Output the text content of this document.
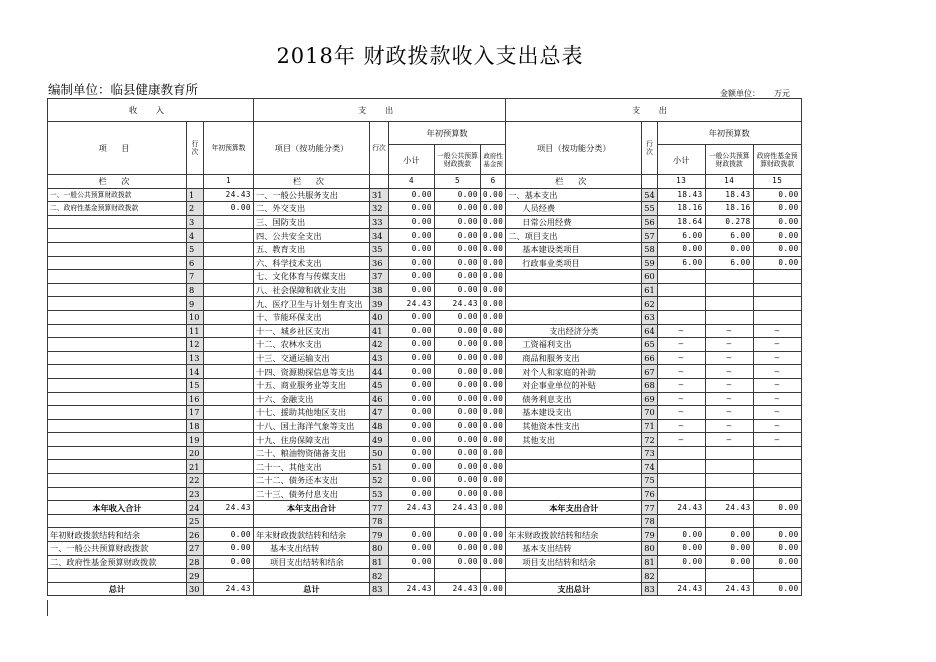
2018年 财政拨款收入支出总表
编制单位：临县健康教育所	金额单位： 万元
收 入			支 出					支 出				
项 目	行次	年初预算数	项目（按功能分类）	行次	年初预算数			项目（按功能分类）	行次	年初预算数		
					小计	一般公共预算财政拨款	政府性基金预			小计	一般公共预算财政拨款	政府性基金预算财政拨款
栏 次		1	栏 次		4	5	6	栏 次		13	14	15
一、一般公共预算财政拨款	1	24.43	一、一般公共服务支出	31	0.00	0.00	0.00	一、基本支出	54	18.43	18.43	0.00
二、政府性基金预算财政拨款	2	0.00	二、外交支出	32	0.00	0.00	0.00	人员经费	55	18.16	18.16	0.00
	3		三、国防支出	33	0.00	0.00	0.00	日常公用经费	56	18.64	0.278	0.00
	4		四、公共安全支出	34	0.00	0.00	0.00	二、项目支出	57	6.00	6.00	0.00
	5		五、教育支出	35	0.00	0.00	0.00	基本建设类项目	58	0.00	0.00	0.00
	6		六、科学技术支出	36	0.00	0.00	0.00	行政事业类项目	59	6.00	6.00	0.00
	7		七、文化体育与传媒支出	37	0.00	0.00	0.00		60			
	8		八、社会保障和就业支出	38	0.00	0.00	0.00		61			
	9		九、医疗卫生与计划生育支出	39	24.43	24.43	0.00		62			
	10		十、节能环保支出	40	0.00	0.00	0.00		63			
	11		十一、城乡社区支出	41	0.00	0.00	0.00	支出经济分类	64	—	—	—
	12		十二、农林水支出	42	0.00	0.00	0.00	工资福利支出	65	—	—	—
	13		十三、交通运输支出	43	0.00	0.00	0.00	商品和服务支出	66	—	—	—
	14		十四、资源勘探信息等支出	44	0.00	0.00	0.00	对个人和家庭的补助	67	—	—	—
	15		十五、商业服务业等支出	45	0.00	0.00	0.00	对企事业单位的补贴	68	—	—	—
	16		十六、金融支出	46	0.00	0.00	0.00	债务利息支出	69	—	—	—
	17		十七、援助其他地区支出	47	0.00	0.00	0.00	基本建设支出	70	—	—	—
	18		十八、国土海洋气象等支出	48	0.00	0.00	0.00	其他资本性支出	71	—	—	—
	19		十九、住房保障支出	49	0.00	0.00	0.00	其他支出	72	—	—	—
	20		二十、粮油物资储备支出	50	0.00	0.00	0.00		73			
	21		二十一、其他支出	51	0.00	0.00	0.00		74			
	22		二十二、债务还本支出	52	0.00	0.00	0.00		75			
	23		二十三、债务付息支出	53	0.00	0.00	0.00		76			
本年收入合计	24	24.43	本年支出合计	77	24.43	24.43	0.00	本年支出合计	77	24.43	24.43	0.00
	25			78					78			
年初财政拨款结转和结余	26	0.00	年末财政拨款结转和结余	79	0.00	0.00	0.00	年末财政拨款结转和结余	79	0.00	0.00	0.00
一、一般公共预算财政拨款	27	0.00	基本支出结转	80	0.00	0.00	0.00	基本支出结转	80	0.00	0.00	0.00
二、政府性基金预算财政拨款	28	0.00	项目支出结转和结余	81	0.00	0.00	0.00	项目支出结转和结余	81	0.00	0.00	0.00
	29			82					82			
总计	30	24.43	总计	83	24.43	24.43	0.00	支出总计	83	24.43	24.43	0.00
